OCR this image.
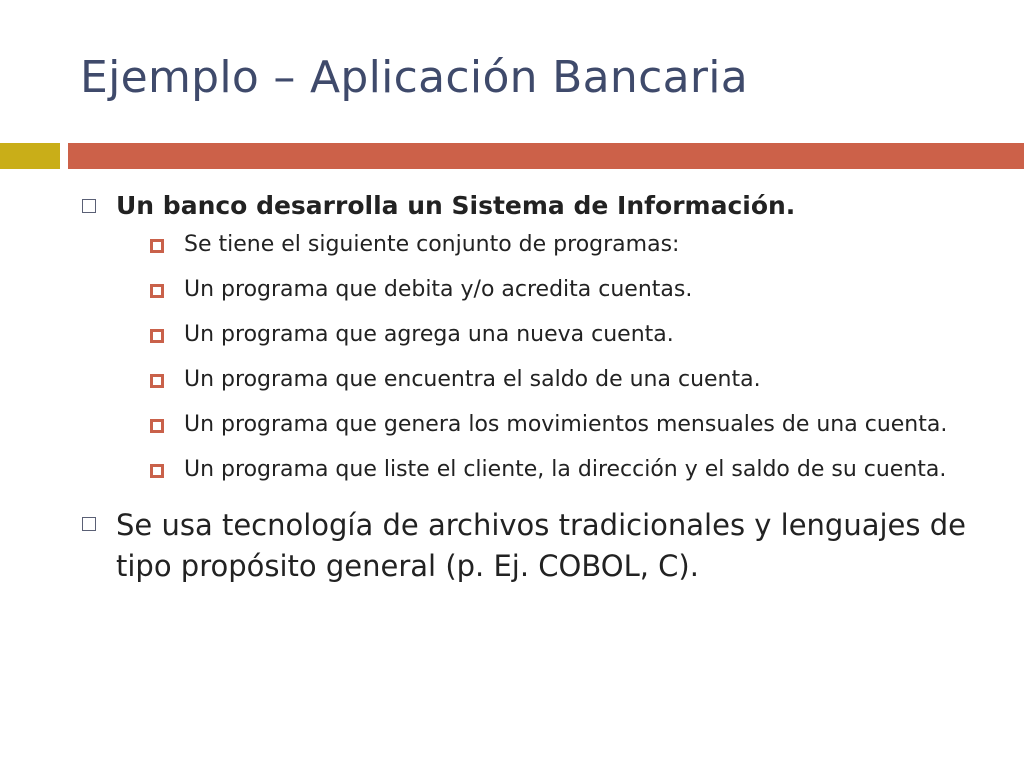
Ejemplo – Aplicación Bancaria
Un banco desarrolla un Sistema de Información.
Se tiene el siguiente conjunto de programas:
Un programa que debita y/o acredita cuentas.
Un programa que agrega una nueva cuenta.
Un programa que encuentra el saldo de una cuenta.
Un programa que genera los movimientos mensuales de una cuenta.
Un programa que liste el cliente, la dirección y el saldo de su cuenta.
Se usa tecnología de archivos tradicionales y lenguajes de tipo propósito general (p. Ej. COBOL, C).
